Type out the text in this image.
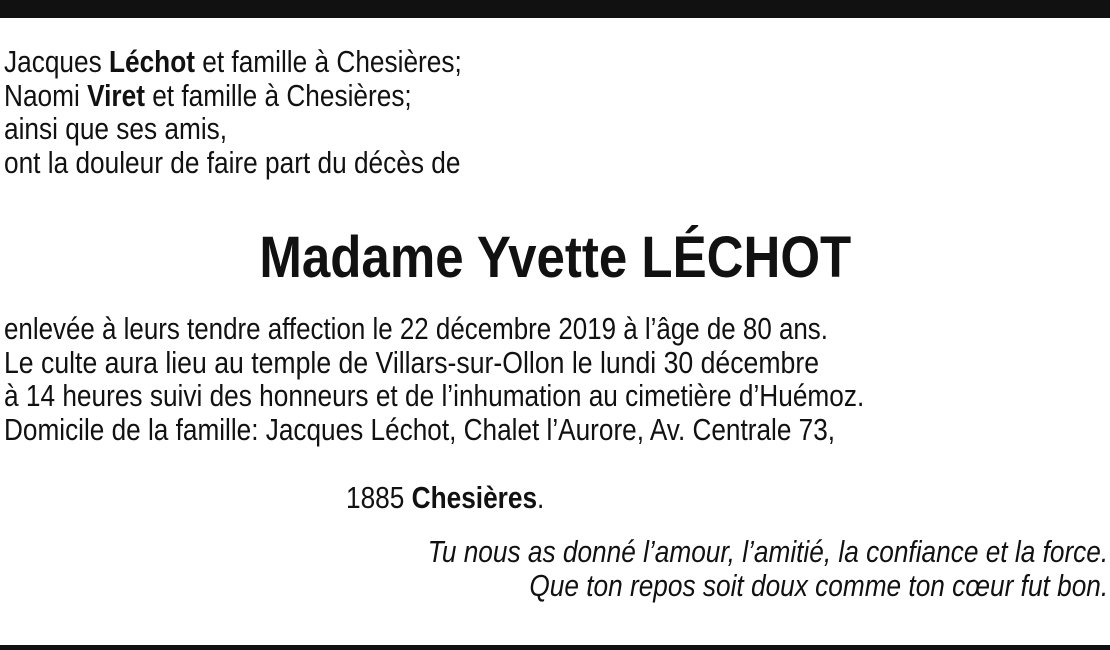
Jacques Léchot et famille à Chesières;
Naomi Viret et famille à Chesières;
ainsi que ses amis,
ont la douleur de faire part du décès de
Madame Yvette LÉCHOT
enlevée à leurs tendre affection le 22 décembre 2019 à l’âge de 80 ans.
Le culte aura lieu au temple de Villars-sur-Ollon le lundi 30 décembre
à 14 heures suivi des honneurs et de l’inhumation au cimetière d’Huémoz.
Domicile de la famille: Jacques Léchot, Chalet l’Aurore, Av. Centrale 73,
1885 Chesières.
Tu nous as donné l’amour, l’amitié, la confiance et la force.
Que ton repos soit doux comme ton cœur fut bon.
